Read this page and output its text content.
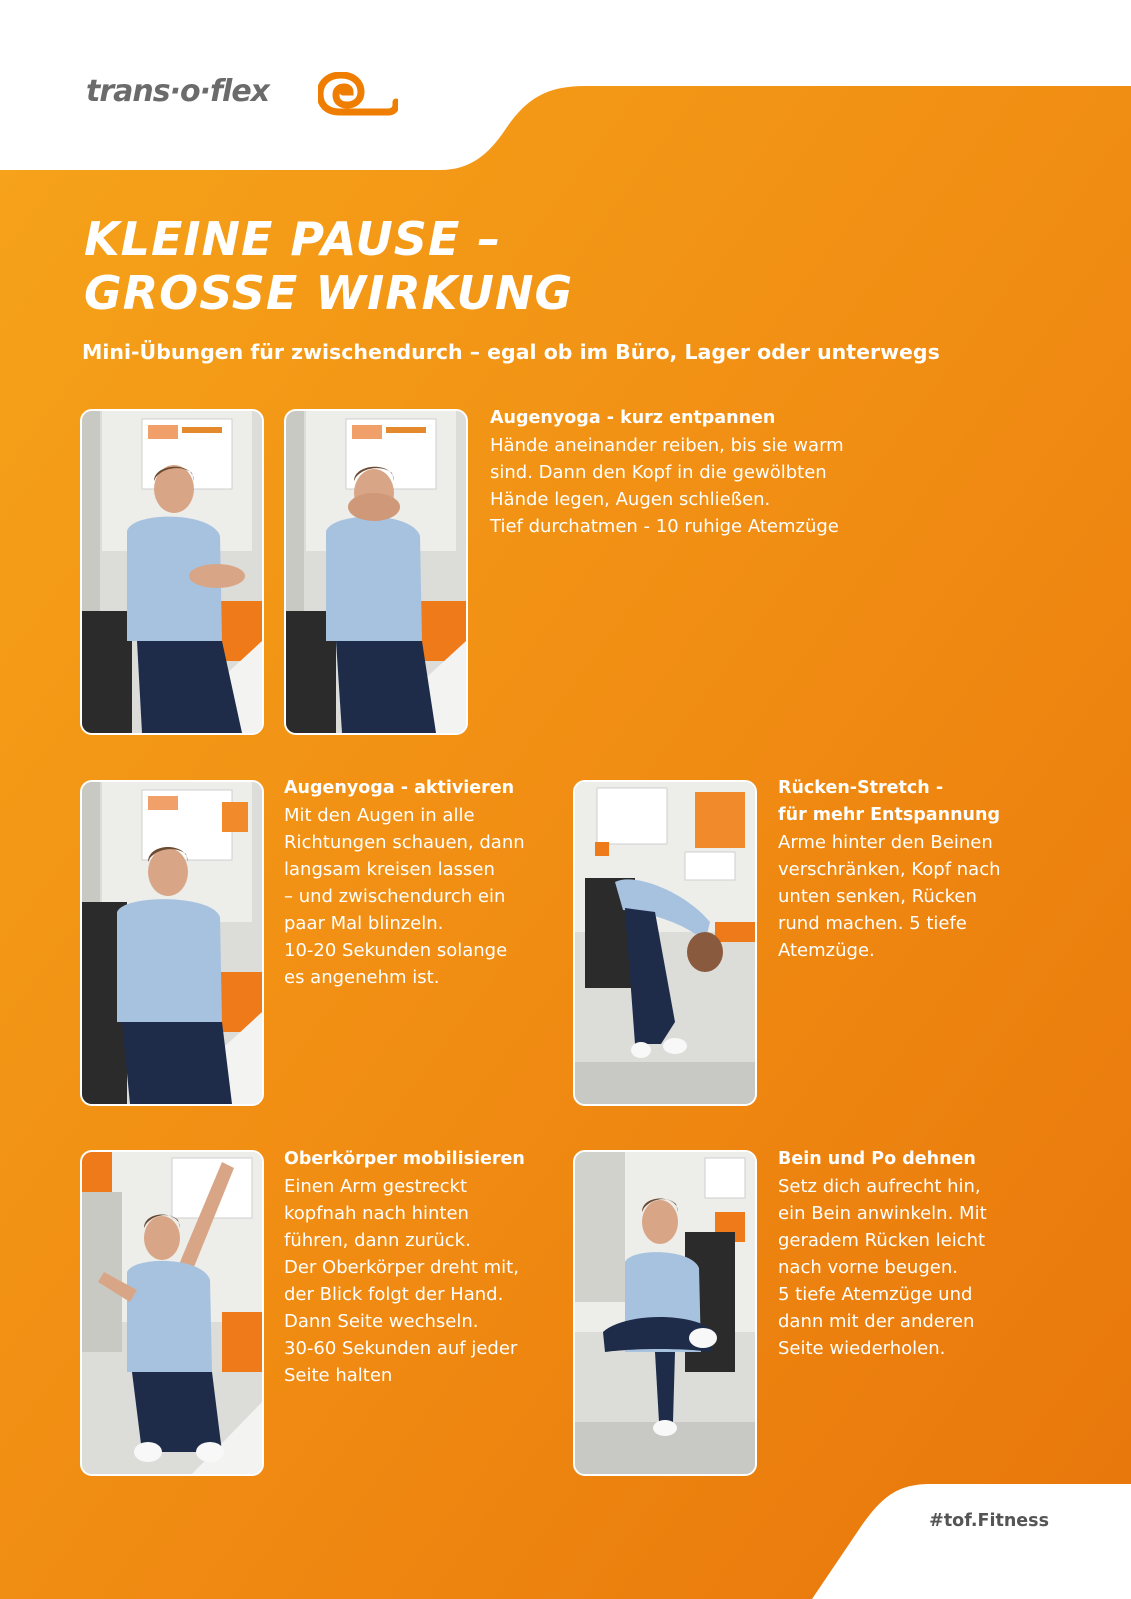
trans·o·flex
KLEINE PAUSE –
GROSSE WIRKUNG
Mini-Übungen für zwischendurch – egal ob im Büro, Lager oder unterwegs
Augenyoga - kurz entpannen
Hände aneinander reiben, bis sie warm
sind. Dann den Kopf in die gewölbten
Hände legen, Augen schließen.
Tief durchatmen - 10 ruhige Atemzüge
Augenyoga - aktivieren
Mit den Augen in alle
Richtungen schauen, dann
langsam kreisen lassen
– und zwischendurch ein
paar Mal blinzeln.
10-20 Sekunden solange
es angenehm ist.
Rücken-Stretch -
für mehr Entspannung
Arme hinter den Beinen
verschränken, Kopf nach
unten senken, Rücken
rund machen. 5 tiefe
Atemzüge.
Oberkörper mobilisieren
Einen Arm gestreckt
kopfnah nach hinten
führen, dann zurück.
Der Oberkörper dreht mit,
der Blick folgt der Hand.
Dann Seite wechseln.
30-60 Sekunden auf jeder
Seite halten
Bein und Po dehnen
Setz dich aufrecht hin,
ein Bein anwinkeln. Mit
geradem Rücken leicht
nach vorne beugen.
5 tiefe Atemzüge und
dann mit der anderen
Seite wiederholen.
#tof.Fitness
